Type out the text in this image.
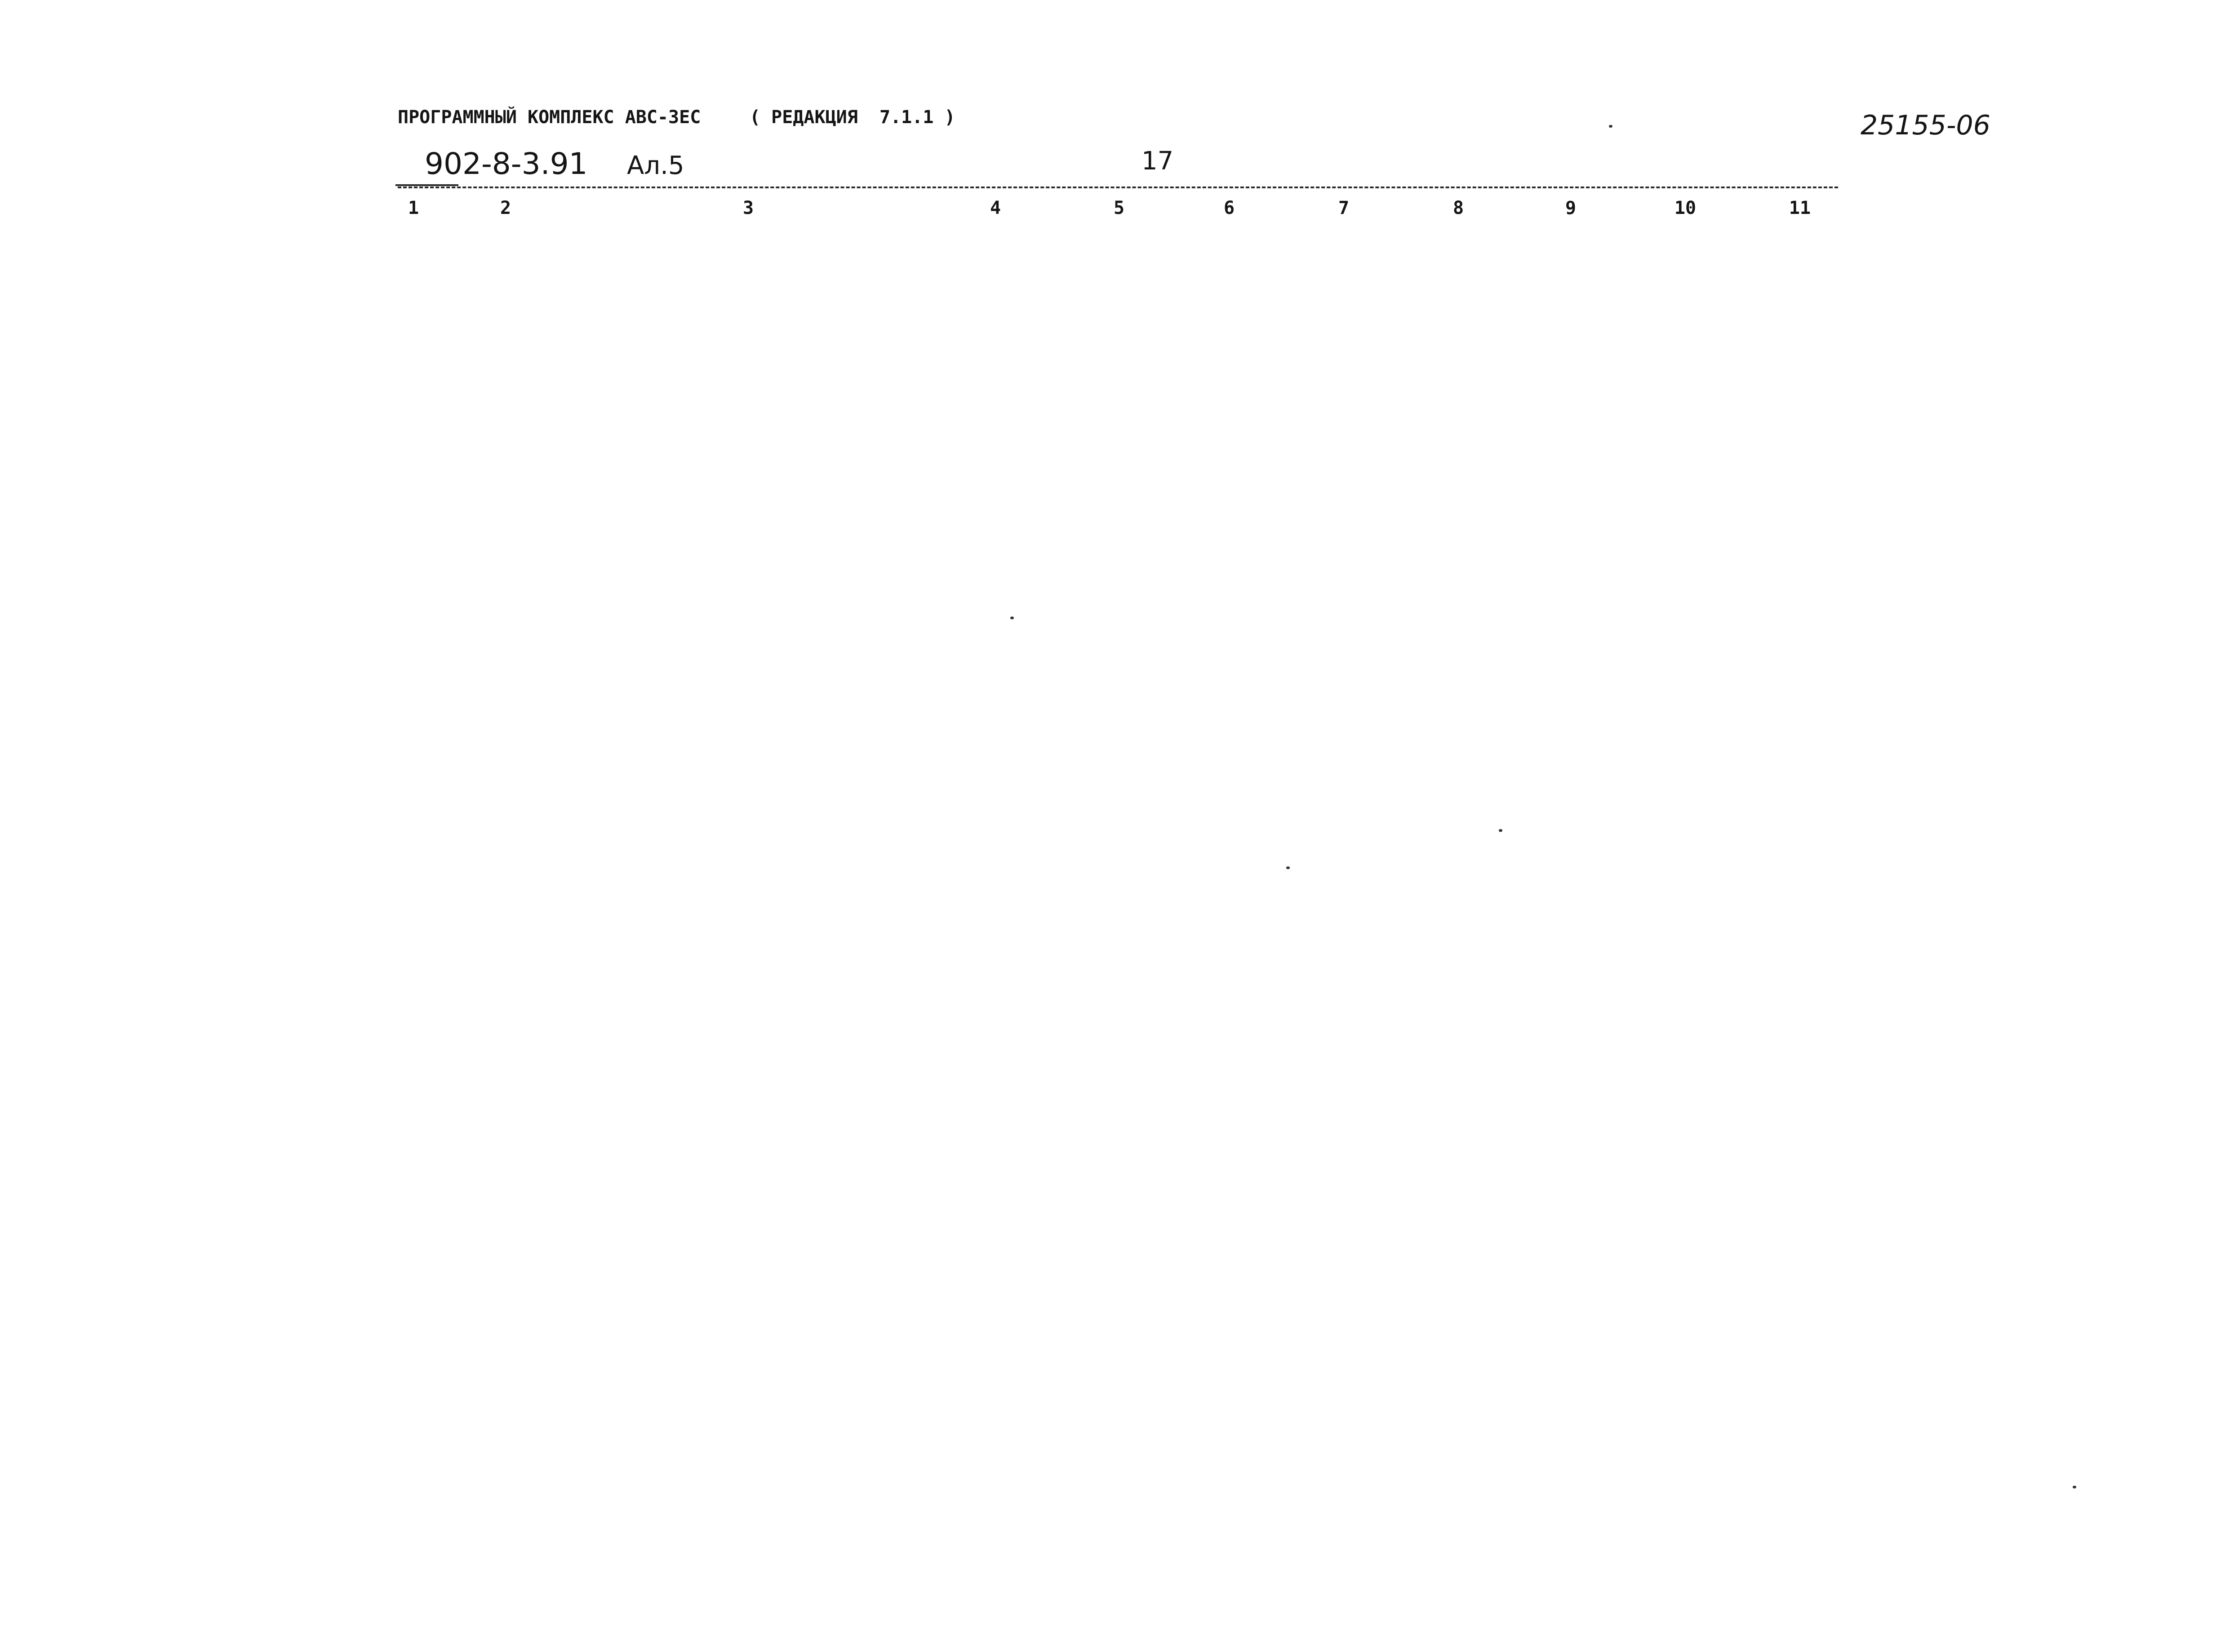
ПРОГРАММНЫЙ КОМПЛЕКС АВС-ЗЕС	( РЕДАКЦИЯ  7.1.1 )
902-8-3.91 Ал.5	17
25155-06
1	2	3	4	5	6	7	8	9	10	11
